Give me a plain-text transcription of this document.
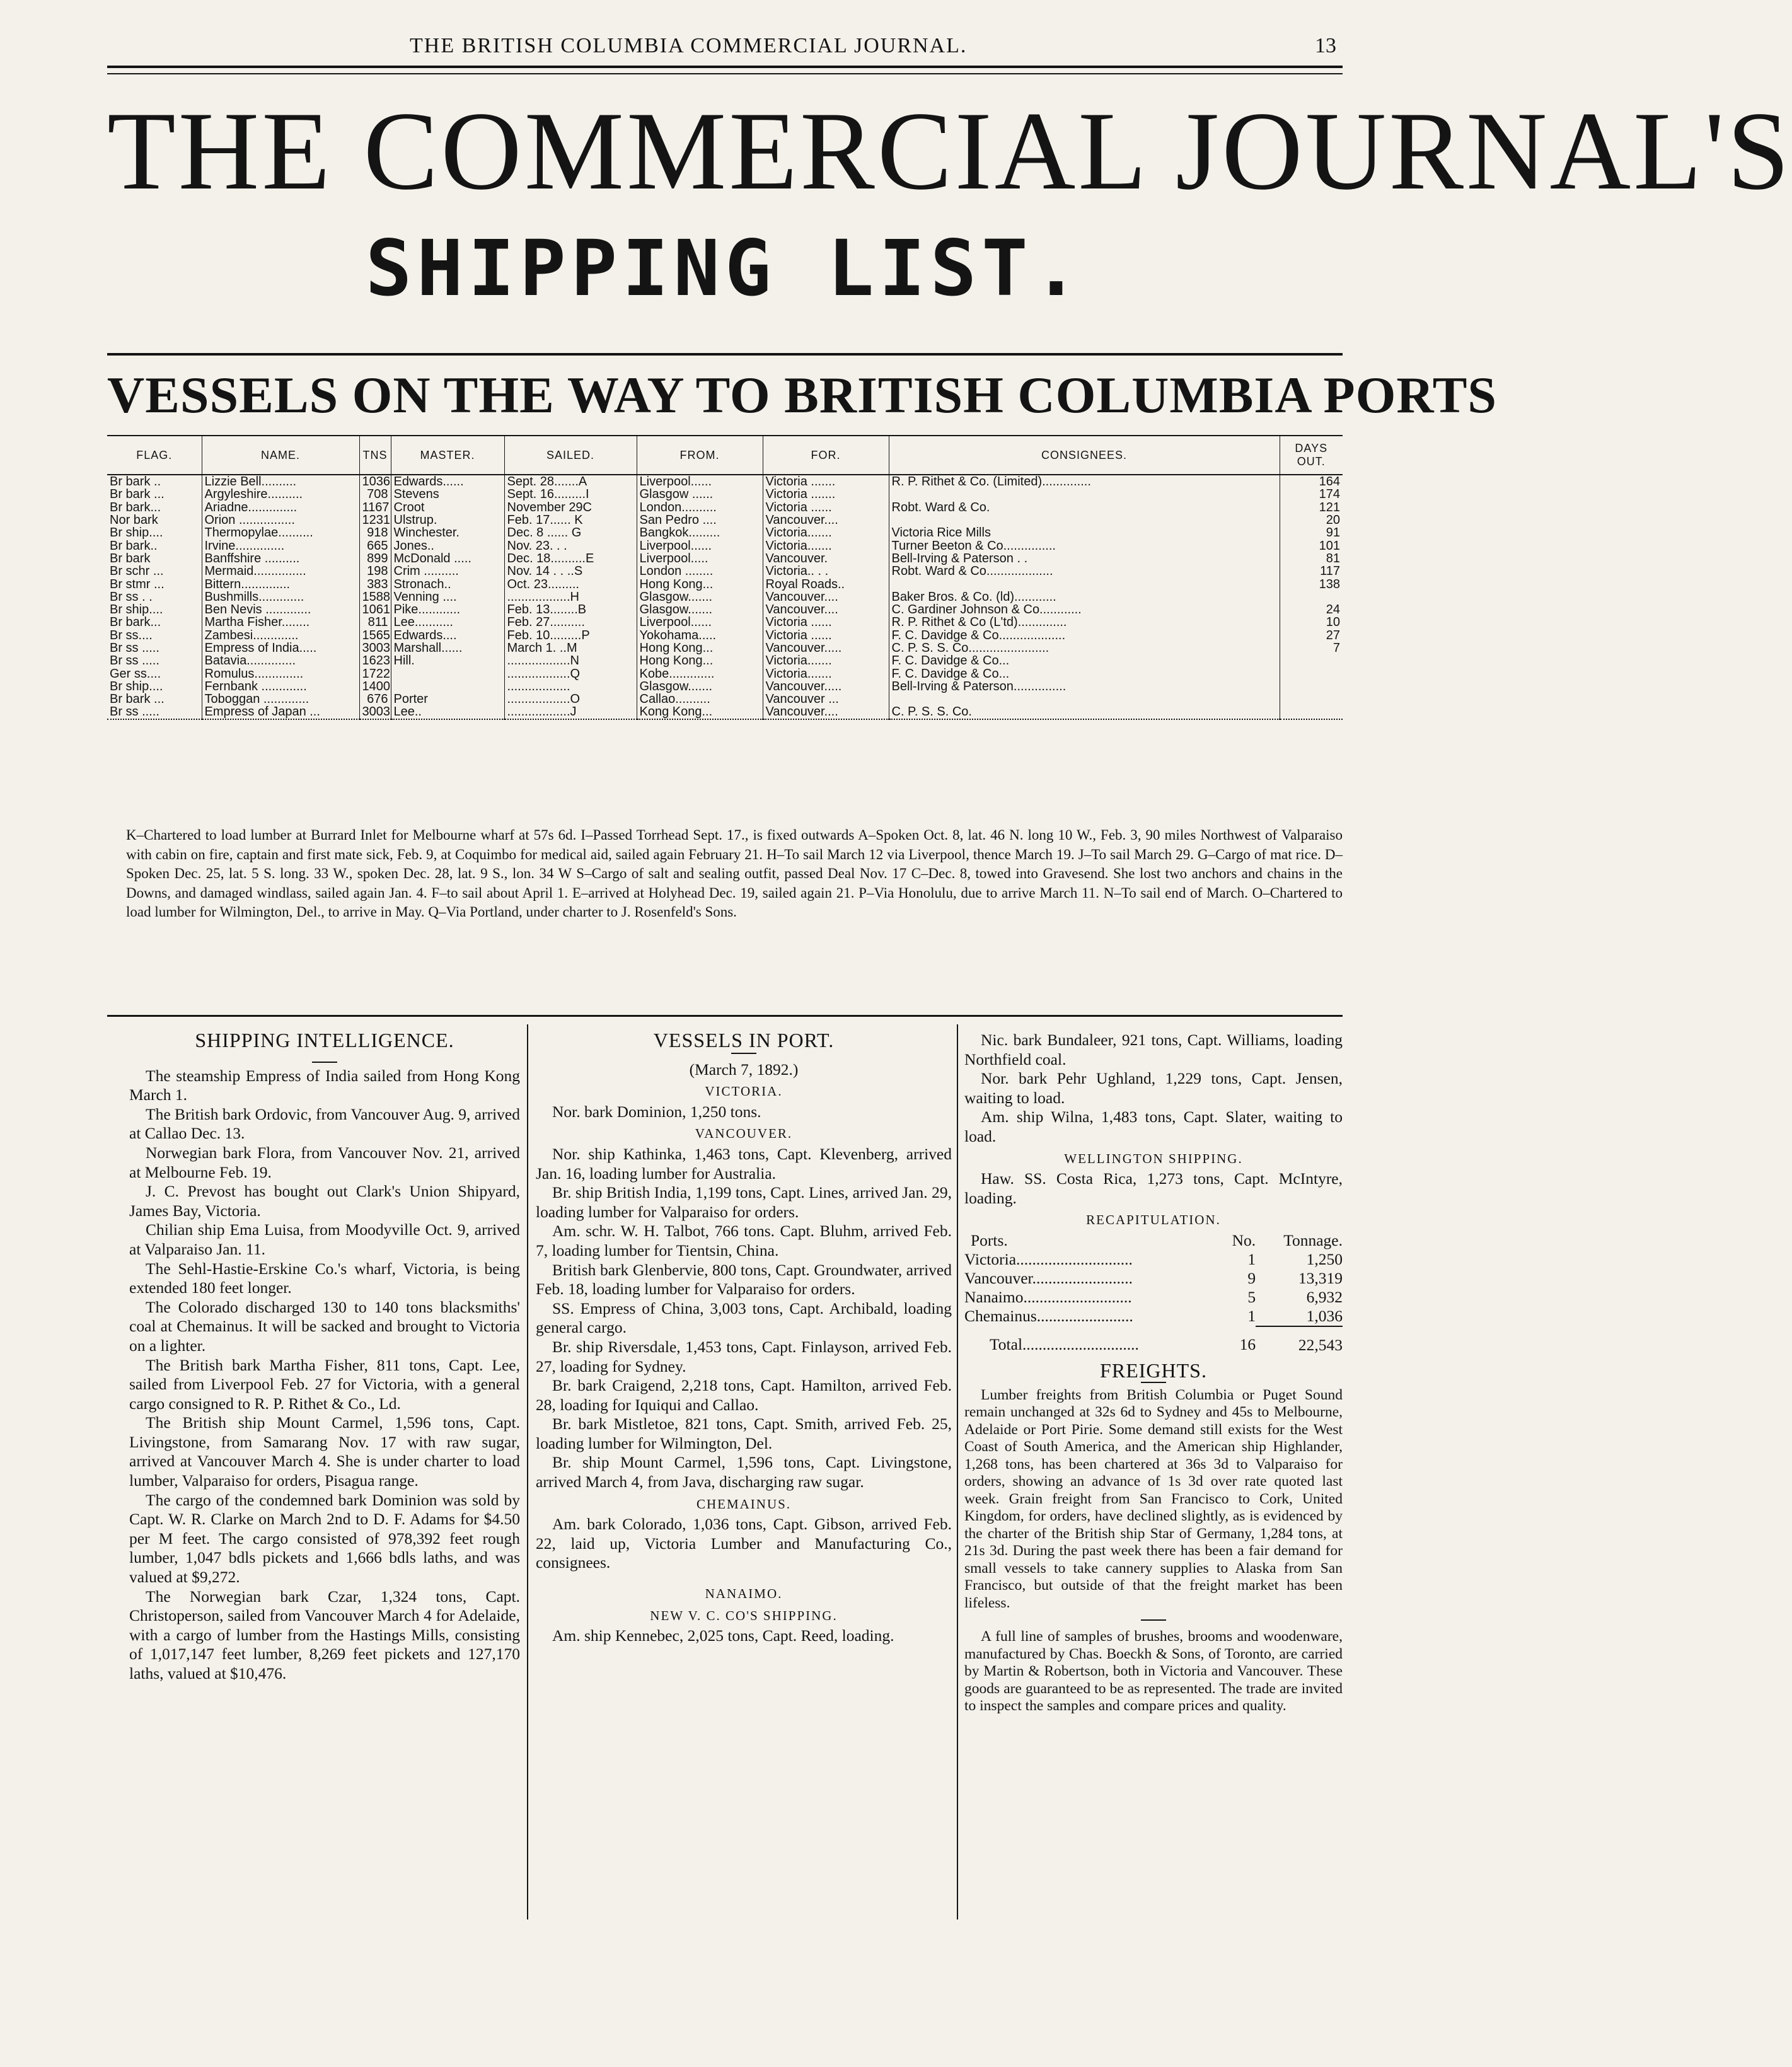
THE BRITISH COLUMBIA COMMERCIAL JOURNAL.	13
THE COMMERCIAL JOURNAL'S
SHIPPING LIST.
VESSELS ON THE WAY TO BRITISH COLUMBIA PORTS
FLAG.	NAME.	TNS	MASTER.	SAILED.	FROM.	FOR.	CONSIGNEES.	DAYS OUT.
Br bark ..	Lizzie Bell..........	1036	Edwards......	Sept. 28.......A	Liverpool......	Victoria .......	R. P. Rithet & Co. (Limited)..............	164
Br bark ...	Argyleshire..........	708	Stevens	Sept. 16.........I	Glasgow ......	Victoria .......		174
Br bark...	Ariadne..............	1167	Croot	November 29C	London..........	Victoria ......	Robt. Ward & Co.	121
Nor bark	Orion ................	1231	Ulstrup.	Feb. 17...... K	San Pedro ....	Vancouver....		20
Br ship....	Thermopylae..........	918	Winchester.	Dec. 8 ...... G	Bangkok.........	Victoria.......	Victoria Rice Mills	91
Br bark..	Irvine..............	665	Jones..	Nov. 23. . .	Liverpool......	Victoria.......	Turner Beeton & Co...............	101
Br bark	Banffshire ..........	899	McDonald .....	Dec. 18..........E	Liverpool.....	Vancouver.	Bell-Irving & Paterson . .	81
Br schr ...	Mermaid...............	198	Crim ..........	Nov. 14 . . ..S	London ........	Victoria.. . .	Robt. Ward & Co...................	117
Br stmr ...	Bittern..............	383	Stronach..	Oct. 23.........	Hong Kong...	Royal Roads..		138
Br ss . .	Bushmills.............	1588	Venning ....	..................H	Glasgow.......	Vancouver....	Baker Bros. & Co. (ld)............	
Br ship....	Ben Nevis .............	1061	Pike............	Feb. 13........B	Glasgow.......	Vancouver....	C. Gardiner Johnson & Co............	24
Br bark...	Martha Fisher........	811	Lee...........	Feb. 27..........	Liverpool......	Victoria ......	R. P. Rithet & Co (L'td)..............	10
Br ss....	Zambesi.............	1565	Edwards....	Feb. 10.........P	Yokohama.....	Victoria ......	F. C. Davidge & Co...................	27
Br ss .....	Empress of India.....	3003	Marshall......	March 1. ..M	Hong Kong...	Vancouver.....	C. P. S. S. Co.......................	7
Br ss .....	Batavia..............	1623	Hill.	..................N	Hong Kong...	Victoria.......	F. C. Davidge & Co...	
Ger ss....	Romulus..............	1722		..................Q	Kobe.............	Victoria.......	F. C. Davidge & Co...	
Br ship....	Fernbank .............	1400		..................	Glasgow.......	Vancouver.....	Bell-Irving & Paterson...............	
Br bark ...	Toboggan .............	676	Porter	..................O	Callao..........	Vancouver ...		
Br ss .....	Empress of Japan ...	3003	Lee..	..................J	Kong Kong...	Vancouver....	C. P. S. S. Co.	
K–Chartered to load lumber at Burrard Inlet for Melbourne wharf at 57s 6d. I–Passed Torrhead Sept. 17., is fixed outwards A–Spoken Oct. 8, lat. 46 N. long 10 W., Feb. 3, 90 miles Northwest of Valparaiso with cabin on fire, captain and first mate sick, Feb. 9, at Coquimbo for medical aid, sailed again February 21. H–To sail March 12 via Liverpool, thence March 19. J–To sail March 29. G–Cargo of mat rice. D–Spoken Dec. 25, lat. 5 S. long. 33 W., spoken Dec. 28, lat. 9 S., lon. 34 W S–Cargo of salt and sealing outfit, passed Deal Nov. 17 C–Dec. 8, towed into Gravesend. She lost two anchors and chains in the Downs, and damaged windlass, sailed again Jan. 4. F–to sail about April 1. E–arrived at Holyhead Dec. 19, sailed again 21. P–Via Honolulu, due to arrive March 11. N–To sail end of March. O–Chartered to load lumber for Wilmington, Del., to arrive in May. Q–Via Portland, under charter to J. Rosenfeld's Sons.
SHIPPING INTELLIGENCE.

The steamship Empress of India sailed from Hong Kong March 1.

The British bark Ordovic, from Vancouver Aug. 9, arrived at Callao Dec. 13.

Norwegian bark Flora, from Vancouver Nov. 21, arrived at Melbourne Feb. 19.

J. C. Prevost has bought out Clark's Union Shipyard, James Bay, Victoria.

Chilian ship Ema Luisa, from Moodyville Oct. 9, arrived at Valparaiso Jan. 11.

The Sehl-Hastie-Erskine Co.'s wharf, Victoria, is being extended 180 feet longer.

The Colorado discharged 130 to 140 tons blacksmiths' coal at Chemainus. It will be sacked and brought to Victoria on a lighter.

The British bark Martha Fisher, 811 tons, Capt. Lee, sailed from Liverpool Feb. 27 for Victoria, with a general cargo consigned to R. P. Rithet & Co., Ld.

The British ship Mount Carmel, 1,596 tons, Capt. Livingstone, from Samarang Nov. 17 with raw sugar, arrived at Vancouver March 4. She is under charter to load lumber, Valparaiso for orders, Pisagua range.

The cargo of the condemned bark Dominion was sold by Capt. W. R. Clarke on March 2nd to D. F. Adams for $4.50 per M feet. The cargo consisted of 978,392 feet rough lumber, 1,047 bdls pickets and 1,666 bdls laths, and was valued at $9,272.

The Norwegian bark Czar, 1,324 tons, Capt. Christoperson, sailed from Vancouver March 4 for Adelaide, with a cargo of lumber from the Hastings Mills, consisting of 1,017,147 feet lumber, 8,269 feet pickets and 127,170 laths, valued at $10,476.

VESSELS IN PORT.

(March 7, 1892.)

VICTORIA.

Nor. bark Dominion, 1,250 tons.

VANCOUVER.

Nor. ship Kathinka, 1,463 tons, Capt. Klevenberg, arrived Jan. 16, loading lumber for Australia.

Br. ship British India, 1,199 tons, Capt. Lines, arrived Jan. 29, loading lumber for Valparaiso for orders.

Am. schr. W. H. Talbot, 766 tons. Capt. Bluhm, arrived Feb. 7, loading lumber for Tientsin, China.

British bark Glenbervie, 800 tons, Capt. Groundwater, arrived Feb. 18, loading lumber for Valparaiso for orders.

SS. Empress of China, 3,003 tons, Capt. Archibald, loading general cargo.

Br. ship Riversdale, 1,453 tons, Capt. Finlayson, arrived Feb. 27, loading for Sydney.

Br. bark Craigend, 2,218 tons, Capt. Hamilton, arrived Feb. 28, loading for Iquiqui and Callao.

Br. bark Mistletoe, 821 tons, Capt. Smith, arrived Feb. 25, loading lumber for Wilmington, Del.

Br. ship Mount Carmel, 1,596 tons, Capt. Livingstone, arrived March 4, from Java, discharging raw sugar.

CHEMAINUS.

Am. bark Colorado, 1,036 tons, Capt. Gibson, arrived Feb. 22, laid up, Victoria Lumber and Manufacturing Co., consignees.

NANAIMO.
NEW V. C. CO'S SHIPPING.

Am. ship Kennebec, 2,025 tons, Capt. Reed, loading.

Nic. bark Bundaleer, 921 tons, Capt. Williams, loading Northfield coal.

Nor. bark Pehr Ughland, 1,229 tons, Capt. Jensen, waiting to load.

Am. ship Wilna, 1,483 tons, Capt. Slater, waiting to load.

WELLINGTON SHIPPING.

Haw. SS. Costa Rica, 1,273 tons, Capt. McIntyre, loading.

RECAPITULATION.
Ports.	No.	Tonnage.
Victoria.............................	1	1,250
Vancouver.........................	9	13,319
Nanaimo...........................	5	6,932
Chemainus........................	1	1,036
Total.............................	16	22,543
FREIGHTS.

Lumber freights from British Columbia or Puget Sound remain unchanged at 32s 6d to Sydney and 45s to Melbourne, Adelaide or Port Pirie. Some demand still exists for the West Coast of South America, and the American ship Highlander, 1,268 tons, has been chartered at 36s 3d to Valparaiso for orders, showing an advance of 1s 3d over rate quoted last week. Grain freight from San Francisco to Cork, United Kingdom, for orders, have declined slightly, as is evidenced by the charter of the British ship Star of Germany, 1,284 tons, at 21s 3d. During the past week there has been a fair demand for small vessels to take cannery supplies to Alaska from San Francisco, but outside of that the freight market has been lifeless.

A full line of samples of brushes, brooms and woodenware, manufactured by Chas. Boeckh & Sons, of Toronto, are carried by Martin & Robertson, both in Victoria and Vancouver. These goods are guaranteed to be as represented. The trade are invited to inspect the samples and compare prices and quality.
